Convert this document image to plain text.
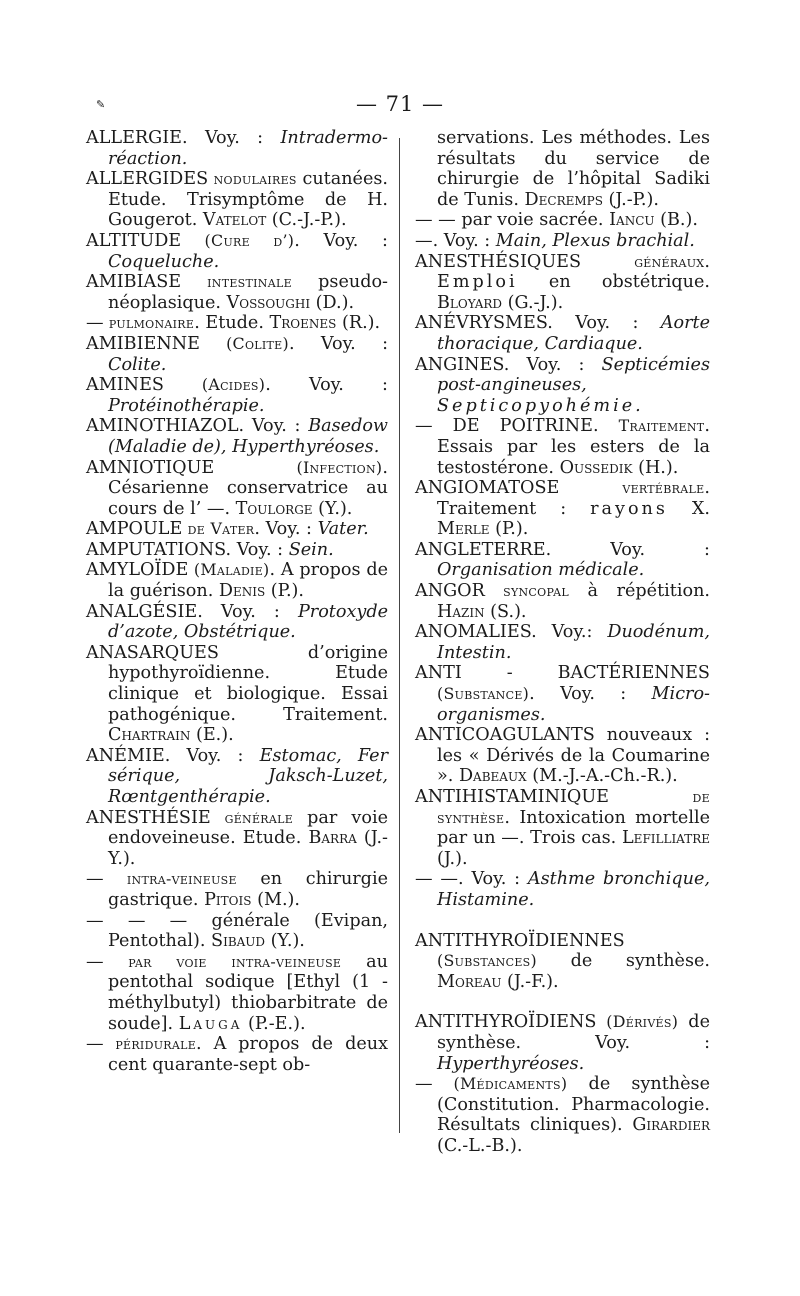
✎	— 71 —
ALLERGIE. Voy. : Intradermo-réaction.
ALLERGIDES nodulaires cutanées. Etude. Trisymptôme de H. Gougerot. Vatelot (C.-J.-P.).
ALTITUDE (Cure d’). Voy. : Coqueluche.
AMIBIASE intestinale pseudo-néoplasique. Vossoughi (D.).
— pulmonaire. Etude. Troenes (R.).
AMIBIENNE (Colite). Voy. : Colite.
AMINES (Acides). Voy. : Protéinothérapie.
AMINOTHIAZOL. Voy. : Basedow (Maladie de), Hyperthyréoses.
AMNIOTIQUE (Infection). Césarienne conservatrice au cours de l’ —. Toulorge (Y.).
AMPOULE de Vater. Voy. : Vater.
AMPUTATIONS. Voy. : Sein.
AMYLOÏDE (Maladie). A propos de la guérison. Denis (P.).
ANALGÉSIE. Voy. : Protoxyde d’azote, Obstétrique.
ANASARQUES d’origine hypothyroïdienne. Etude clinique et biologique. Essai pathogénique. Traitement. Chartrain (E.).
ANÉMIE. Voy. : Estomac, Fer sérique, Jaksch-Luzet, Rœntgenthérapie.
ANESTHÉSIE générale par voie endoveineuse. Etude. Barra (J.-Y.).
— intra-veineuse en chirurgie gastrique. Pitois (M.).
— — — générale (Evipan, Pentothal). Sibaud (Y.).
— par voie intra-veineuse au pentothal sodique [Ethyl (1 - méthylbutyl) thiobarbitrate de soude]. Lauga (P.-E.).
— péridurale. A propos de deux cent quarante-sept ob-
servations. Les méthodes. Les résultats du service de chirurgie de l’hôpital Sadiki de Tunis. Decremps (J.-P.).
— — par voie sacrée. Iancu (B.).
—. Voy. : Main, Plexus brachial.
ANESTHÉSIQUES généraux. Emploi en obstétrique. Bloyard (G.-J.).
ANÉVRYSMES. Voy. : Aorte thoracique, Cardiaque.
ANGINES. Voy. : Septicémies post-angineuses, Septicopyohémie.
— DE POITRINE. Traitement. Essais par les esters de la testostérone. Oussedik (H.).
ANGIOMATOSE vertébrale. Traitement : rayons X. Merle (P.).
ANGLETERRE. Voy. : Organisation médicale.
ANGOR syncopal à répétition. Hazin (S.).
ANOMALIES. Voy.: Duodénum, Intestin.
ANTI - BACTÉRIENNES (Substance). Voy. : Micro-organismes.
ANTICOAGULANTS nouveaux : les « Dérivés de la Coumarine ». Dabeaux (M.-J.-A.-Ch.-R.).
ANTIHISTAMINIQUE de synthèse. Intoxication mortelle par un —. Trois cas. Lefilliatre (J.).
— —. Voy. : Asthme bronchique, Histamine.
ANTITHYROÏDIENNES (Substances) de synthèse. Moreau (J.-F.).
ANTITHYROÏDIENS (Dérivés) de synthèse. Voy. : Hyperthyréoses.
— (Médicaments) de synthèse (Constitution. Pharmacologie. Résultats cliniques). Girardier (C.-L.-B.).
